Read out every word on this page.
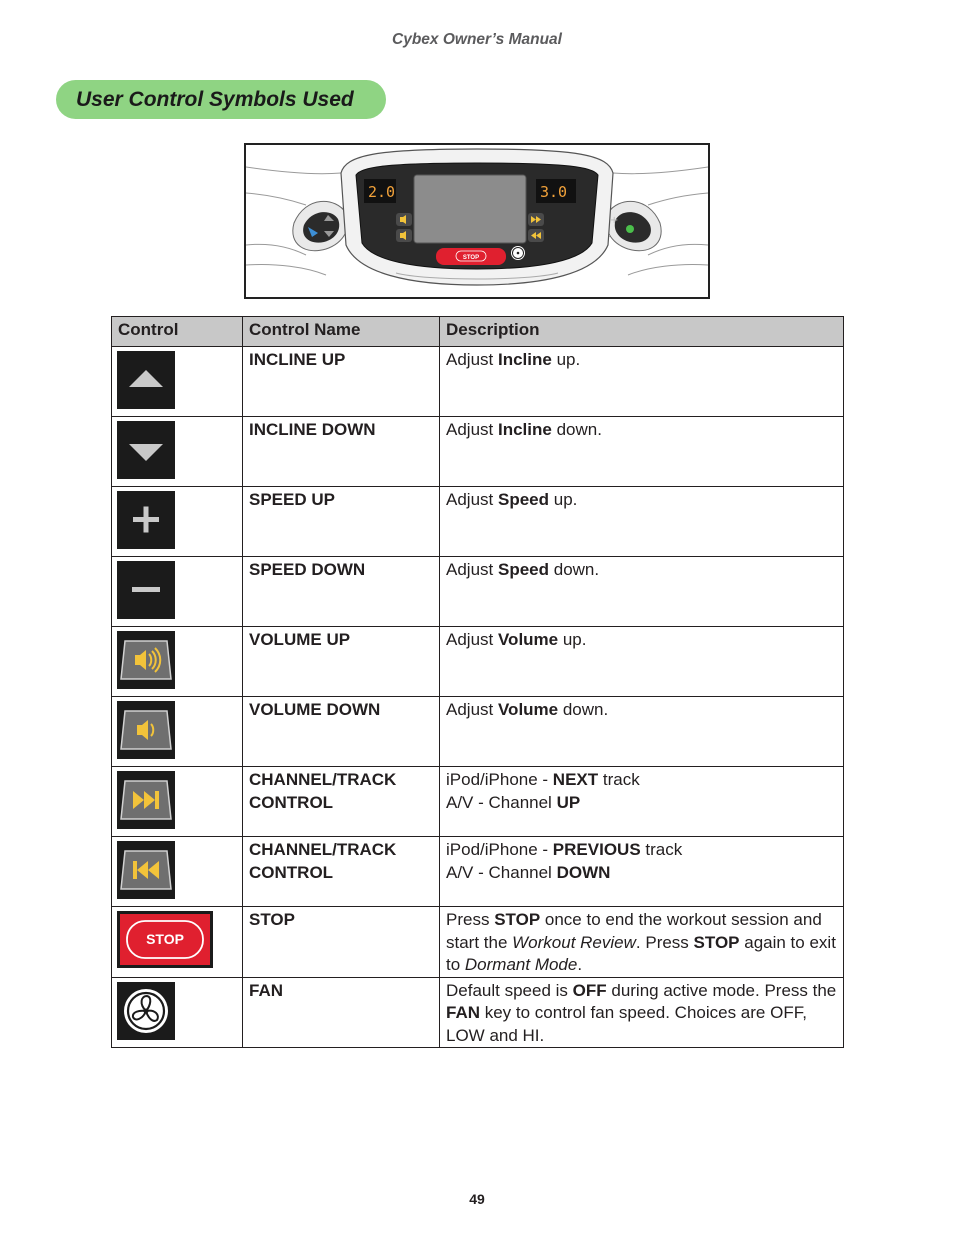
Cybex Owner’s Manual
User Control Symbols Used
+
2.0	3.0
STOP
Control	Control Name	Description

	INCLINE UP	Adjust Incline up.

	INCLINE DOWN	Adjust Incline down.

	SPEED UP	Adjust Speed up.

	SPEED DOWN	Adjust Speed down.

	VOLUME UP	Adjust Volume up.

	VOLUME DOWN	Adjust Volume down.

	CHANNEL/TRACK CONTROL	iPod/iPhone - NEXT track
A/V - Channel UP

	CHANNEL/TRACK CONTROL	iPod/iPhone - PREVIOUS track
A/V - Channel DOWN

STOP	STOP	Press STOP once to end the workout session and start the Workout Review. Press STOP again to exit to Dormant Mode.

	FAN	Default speed is OFF during active mode. Press the FAN key to control fan speed. Choices are OFF, LOW and HI.
49
